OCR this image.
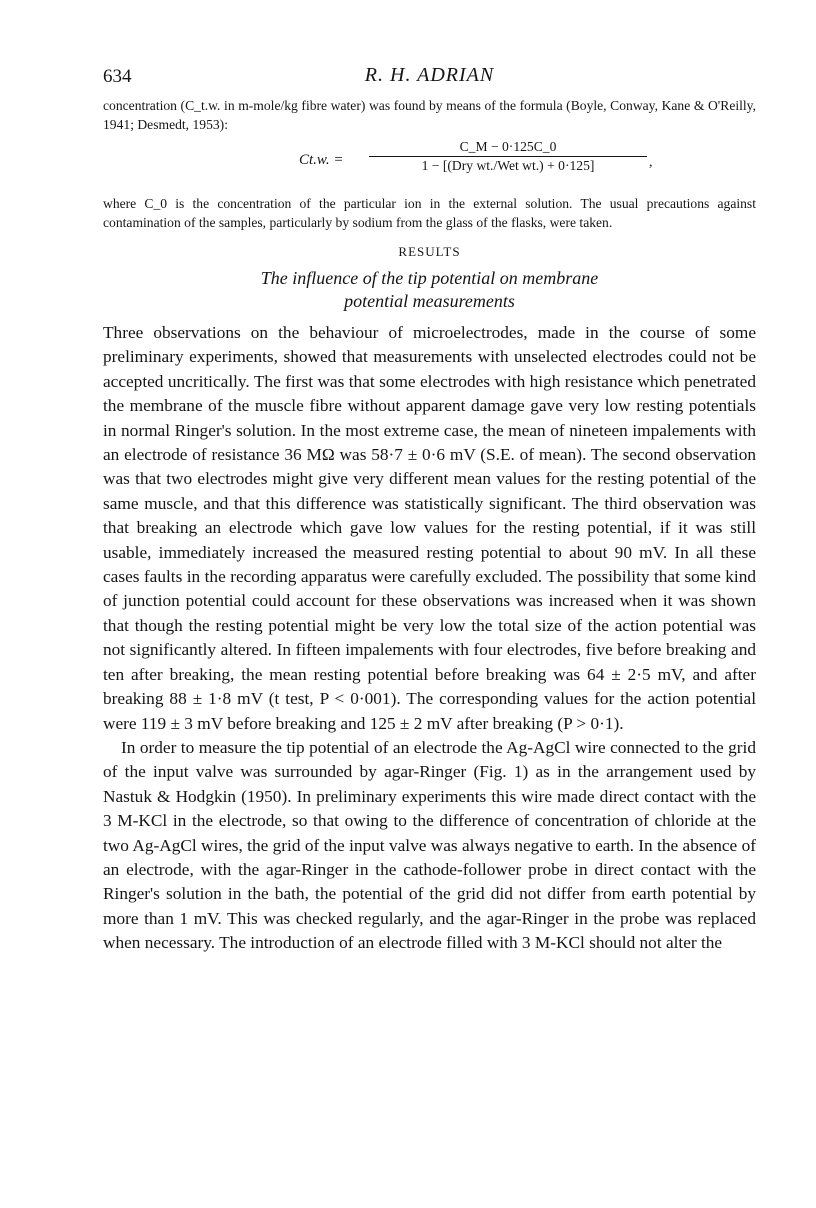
634	R. H. ADRIAN

concentration (C_t.w. in m-mole/kg fibre water) was found by means of the formula (Boyle, Conway, Kane & O'Reilly, 1941; Desmedt, 1953):

Ct.w. =
C_M − 0·125C_0
1 − [(Dry wt./Wet wt.) + 0·125]	,

where C_0 is the concentration of the particular ion in the external solution. The usual precautions against contamination of the samples, particularly by sodium from the glass of the flasks, were taken.

RESULTS
The influence of the tip potential on membrane
potential measurements

Three observations on the behaviour of microelectrodes, made in the course of some preliminary experiments, showed that measurements with unselected electrodes could not be accepted uncritically. The first was that some electrodes with high resistance which penetrated the membrane of the muscle fibre without apparent damage gave very low resting potentials in normal Ringer's solution. In the most extreme case, the mean of nineteen impalements with an electrode of resistance 36 MΩ was 58·7 ± 0·6 mV (S.E. of mean). The second observation was that two electrodes might give very different mean values for the resting potential of the same muscle, and that this difference was statistically significant. The third observation was that breaking an electrode which gave low values for the resting potential, if it was still usable, immediately increased the measured resting potential to about 90 mV. In all these cases faults in the recording apparatus were carefully excluded. The possibility that some kind of junction potential could account for these observations was increased when it was shown that though the resting potential might be very low the total size of the action potential was not significantly altered. In fifteen impalements with four electrodes, five before breaking and ten after breaking, the mean resting potential before breaking was 64 ± 2·5 mV, and after breaking 88 ± 1·8 mV (t test, P < 0·001). The corresponding values for the action potential were 119 ± 3 mV before breaking and 125 ± 2 mV after breaking (P > 0·1).

In order to measure the tip potential of an electrode the Ag-AgCl wire connected to the grid of the input valve was surrounded by agar-Ringer (Fig. 1) as in the arrangement used by Nastuk & Hodgkin (1950). In preliminary experiments this wire made direct contact with the 3 M-KCl in the electrode, so that owing to the difference of concentration of chloride at the two Ag-AgCl wires, the grid of the input valve was always negative to earth. In the absence of an electrode, with the agar-Ringer in the cathode-follower probe in direct contact with the Ringer's solution in the bath, the potential of the grid did not differ from earth potential by more than 1 mV. This was checked regularly, and the agar-Ringer in the probe was replaced when necessary. The introduction of an electrode filled with 3 M-KCl should not alter the
